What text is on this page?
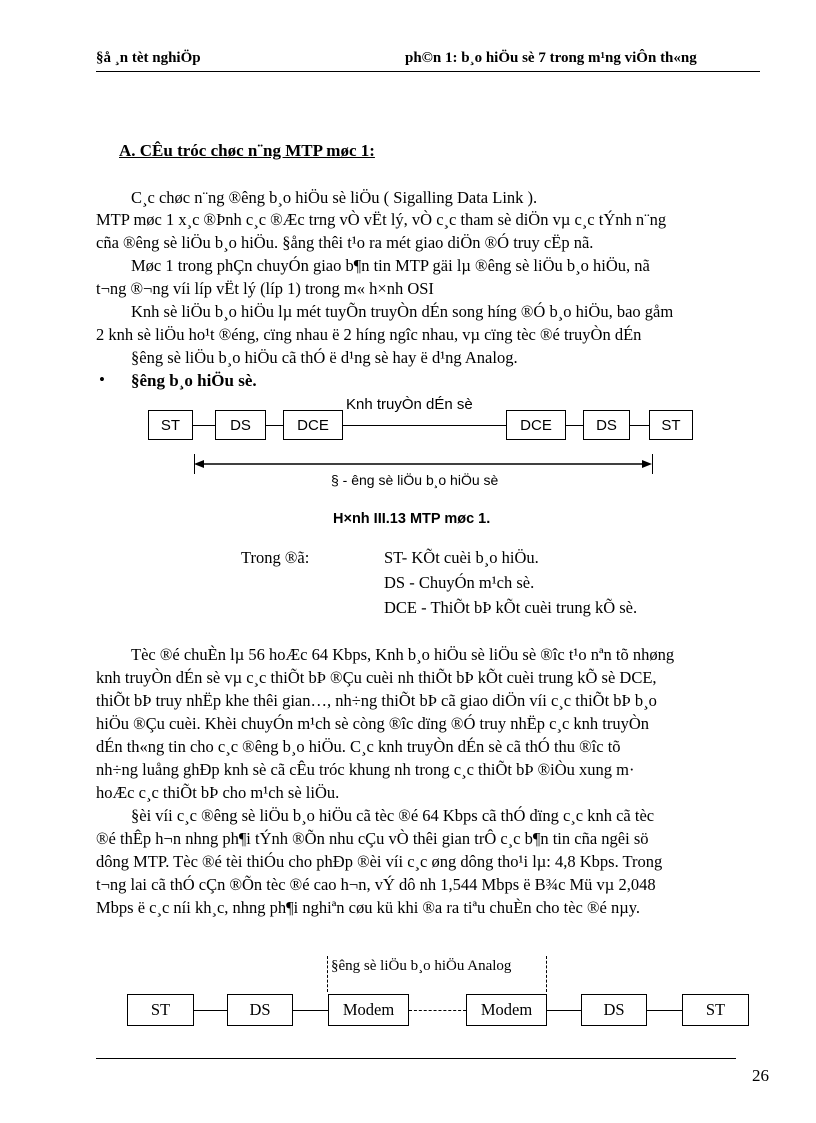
§å ¸n tèt nghiÖp	ph©n 1: b¸o hiÖu sè 7 trong m¹ng viÔn th«ng
A. CÊu tróc chøc n¨ng MTP møc 1:
C¸c chøc n¨ng ®êng b¸o hiÖu sè liÖu ( Sigalling Data Link ).
MTP møc 1 x¸c ®Þnh c¸c ®Æc trng vÒ vËt lý, vÒ c¸c tham sè diÖn vµ c¸c tÝnh n¨ng
cña ®êng sè liÖu b¸o hiÖu. §ång thêi t¹o ra mét giao diÖn ®Ó truy cËp nã.
Møc 1 trong phÇn chuyÓn giao b¶n tin MTP gäi lµ ®êng sè liÖu b¸o hiÖu, nã
t¬ng ®¬ng víi líp vËt lý (líp 1) trong m« h×nh OSI
Knh sè liÖu b¸o hiÖu lµ mét tuyÕn truyÒn dÉn song híng ®Ó b¸o hiÖu, bao gåm
2 knh sè liÖu ho¹t ®éng, cïng nhau ë 2 híng ngîc nhau, vµ cïng tèc ®é truyÒn dÉn
§êng sè liÖu b¸o hiÖu cã thÓ ë d¹ng sè hay ë d¹ng Analog.
• §êng b¸o hiÖu sè.
Knh truyÒn dÉn sè
ST	DS	DCE	DCE	DS	ST
§ - êng sè liÖu b¸o hiÖu sè
H×nh III.13 MTP møc 1.
Trong ®ã:	ST- KÕt cuèi b¸o hiÖu.
DS - ChuyÓn m¹ch sè.
DCE - ThiÕt bÞ kÕt cuèi trung kÕ sè.
Tèc ®é chuÈn lµ 56 hoÆc 64 Kbps, Knh b¸o hiÖu sè liÖu sè ®îc t¹o nªn tõ nhøng
knh truyÒn dÉn sè vµ c¸c thiÕt bÞ ®Çu cuèi nh thiÕt bÞ kÕt cuèi trung kÕ sè DCE,
thiÕt bÞ truy nhËp khe thêi gian…, nh÷ng thiÕt bÞ cã giao diÖn víi c¸c thiÕt bÞ b¸o
hiÖu ®Çu cuèi. Khèi chuyÓn m¹ch sè còng ®îc dïng ®Ó truy nhËp c¸c knh truyÒn
dÉn th«ng tin cho c¸c ®êng b¸o hiÖu. C¸c knh truyÒn dÉn sè cã thÓ thu ®îc tõ
nh÷ng luång ghÐp knh sè cã cÊu tróc khung nh trong c¸c thiÕt bÞ ®iÒu xung m·
hoÆc c¸c thiÕt bÞ cho m¹ch sè liÖu.
§èi víi c¸c ®êng sè liÖu b¸o hiÖu cã tèc ®é 64 Kbps cã thÓ dïng c¸c knh cã tèc
®é thÊp h¬n nhng ph¶i tÝnh ®Õn nhu cÇu vÒ thêi gian trÔ c¸c b¶n tin cña ngêi sö
dông MTP. Tèc ®é tèi thiÓu cho phÐp ®èi víi c¸c øng dông tho¹i lµ: 4,8 Kbps. Trong
t¬ng lai cã thÓ cÇn ®Õn tèc ®é cao h¬n, vÝ dô nh 1,544 Mbps ë B¾c Mü vµ 2,048
Mbps ë c¸c níi kh¸c, nhng ph¶i nghiªn cøu kü khi ®a ra tiªu chuÈn cho tèc ®é nµy.
§êng sè liÖu b¸o hiÖu Analog
ST	DS	Modem	Modem	DS	ST
26
